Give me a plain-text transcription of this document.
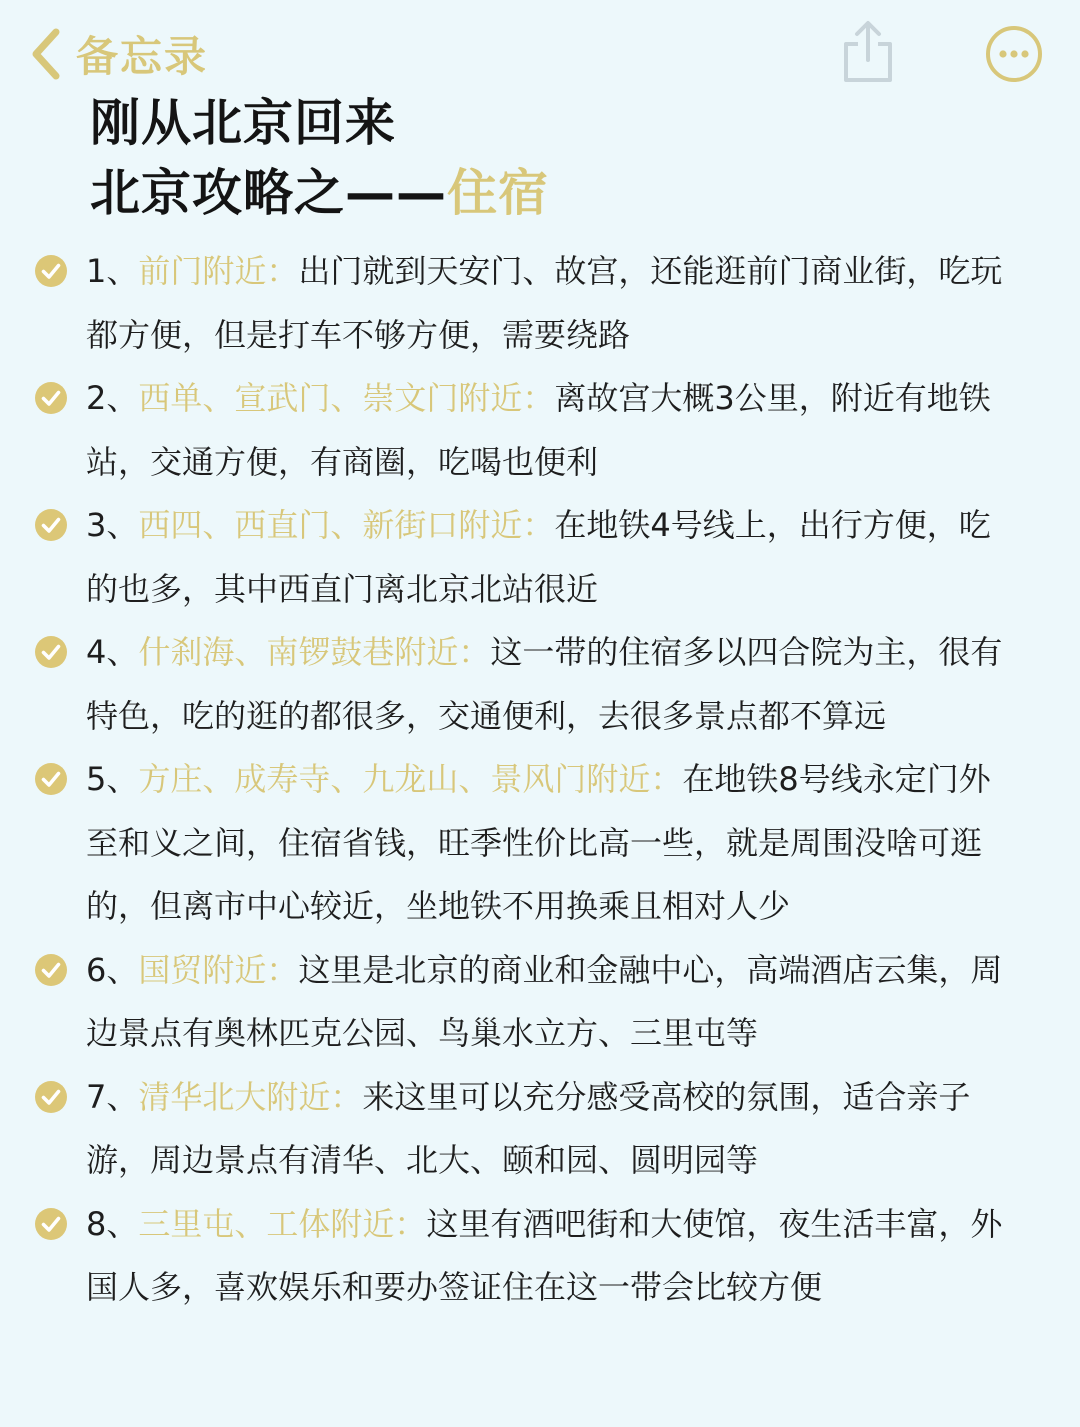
备忘录
刚从北京回来
北京攻略之——住宿
1、前门附近：出门就到天安门、故宫，还能逛前门商业街，吃玩都方便，但是打车不够方便，需要绕路
2、西单、宣武门、崇文门附近：离故宫大概3公里，附近有地铁站，交通方便，有商圈，吃喝也便利
3、西四、西直门、新街口附近：在地铁4号线上，出行方便，吃的也多，其中西直门离北京北站很近
4、什刹海、南锣鼓巷附近：这一带的住宿多以四合院为主，很有特色，吃的逛的都很多，交通便利，去很多景点都不算远
5、方庄、成寿寺、九龙山、景风门附近：在地铁8号线永定门外至和义之间，住宿省钱，旺季性价比高一些，就是周围没啥可逛的，但离市中心较近，坐地铁不用换乘且相对人少
6、国贸附近：这里是北京的商业和金融中心，高端酒店云集，周边景点有奥林匹克公园、鸟巢水立方、三里屯等
7、清华北大附近：来这里可以充分感受高校的氛围，适合亲子游，周边景点有清华、北大、颐和园、圆明园等
8、三里屯、工体附近：这里有酒吧街和大使馆，夜生活丰富，外国人多，喜欢娱乐和要办签证住在这一带会比较方便
